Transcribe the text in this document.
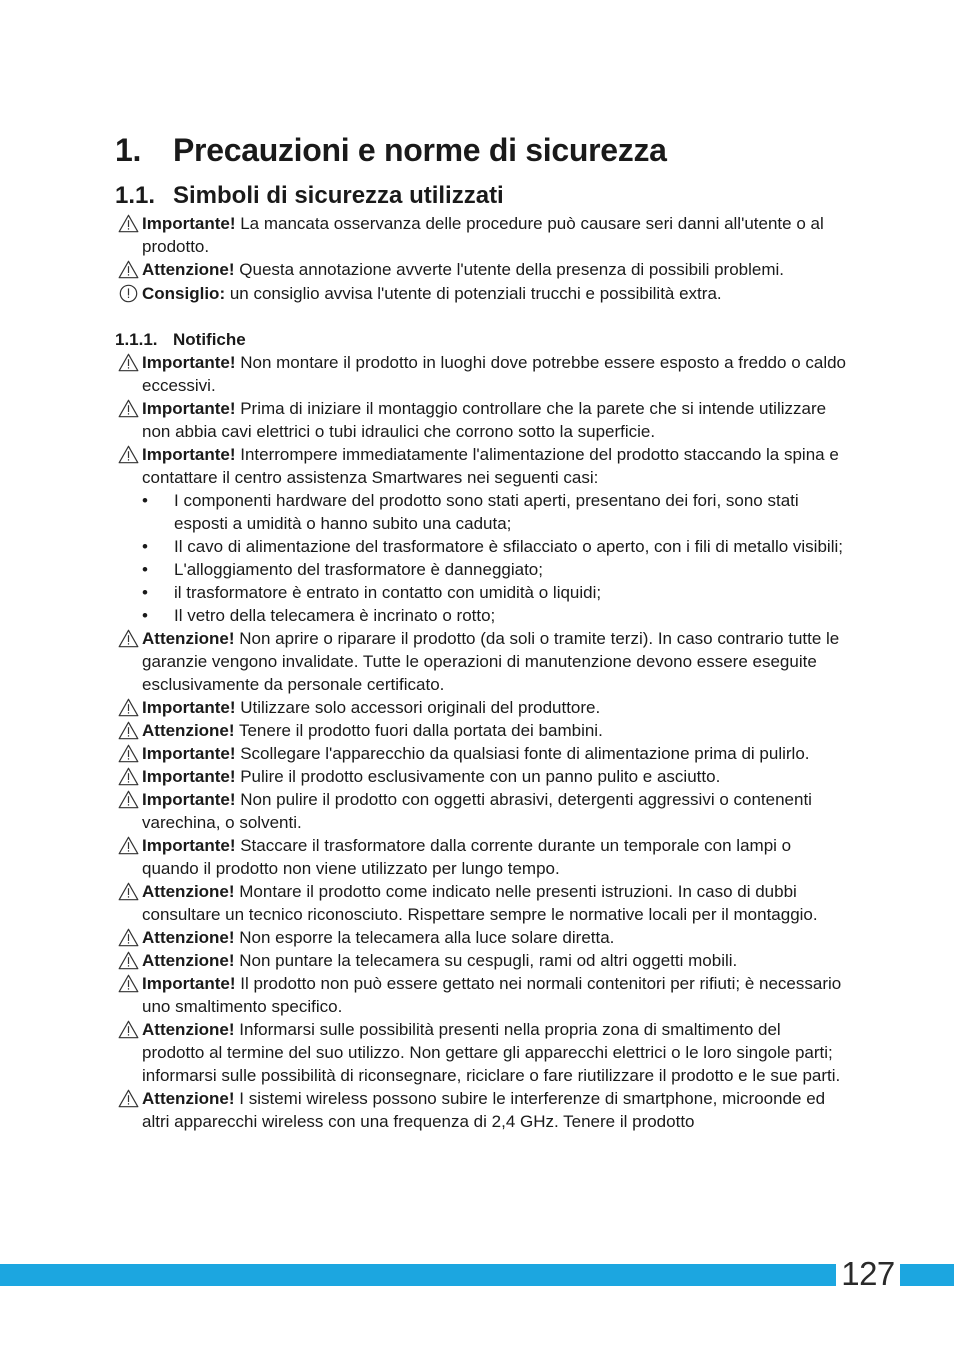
1. Precauzioni e norme di sicurezza
1.1. Simboli di sicurezza utilizzati
Importante! La mancata osservanza delle procedure può causare seri danni all'utente o al prodotto.
Attenzione! Questa annotazione avverte l'utente della presenza di possibili problemi.
Consiglio: un consiglio avvisa l'utente di potenziali trucchi e possibilità extra.
1.1.1. Notifiche
Importante! Non montare il prodotto in luoghi dove potrebbe essere esposto a freddo o caldo eccessivi.
Importante! Prima di iniziare il montaggio controllare che la parete che si intende utilizzare non abbia cavi elettrici o tubi idraulici che corrono sotto la superficie.
Importante! Interrompere immediatamente l'alimentazione del prodotto staccando la spina e contattare il centro assistenza Smartwares nei seguenti casi:
• I componenti hardware del prodotto sono stati aperti, presentano dei fori, sono stati esposti a umidità o hanno subito una caduta;
• Il cavo di alimentazione del trasformatore è sfilacciato o aperto, con i fili di metallo visibili;
• L'alloggiamento del trasformatore è danneggiato;
• il trasformatore è entrato in contatto con umidità o liquidi;
• Il vetro della telecamera è incrinato o rotto;
Attenzione! Non aprire o riparare il prodotto (da soli o tramite terzi). In caso contrario tutte le garanzie vengono invalidate. Tutte le operazioni di manutenzione devono essere eseguite esclusivamente da personale certificato.
Importante! Utilizzare solo accessori originali del produttore.
Attenzione! Tenere il prodotto fuori dalla portata dei bambini.
Importante! Scollegare l'apparecchio da qualsiasi fonte di alimentazione prima di pulirlo.
Importante! Pulire il prodotto esclusivamente con un panno pulito e asciutto.
Importante! Non pulire il prodotto con oggetti abrasivi, detergenti aggressivi o contenenti varechina, o solventi.
Importante! Staccare il trasformatore dalla corrente durante un temporale con lampi o quando il prodotto non viene utilizzato per lungo tempo.
Attenzione! Montare il prodotto come indicato nelle presenti istruzioni. In caso di dubbi consultare un tecnico riconosciuto. Rispettare sempre le normative locali per il montaggio.
Attenzione! Non esporre la telecamera alla luce solare diretta.
Attenzione! Non puntare la telecamera su cespugli, rami od altri oggetti mobili.
Importante! Il prodotto non può essere gettato nei normali contenitori per rifiuti; è necessario uno smaltimento specifico.
Attenzione! Informarsi sulle possibilità presenti nella propria zona di smaltimento del prodotto al termine del suo utilizzo. Non gettare gli apparecchi elettrici o le loro singole parti; informarsi sulle possibilità di riconsegnare, riciclare o fare riutilizzare il prodotto e le sue parti.
Attenzione! I sistemi wireless possono subire le interferenze di smartphone, microonde ed altri apparecchi wireless con una frequenza di 2,4 GHz. Tenere il prodotto
127
